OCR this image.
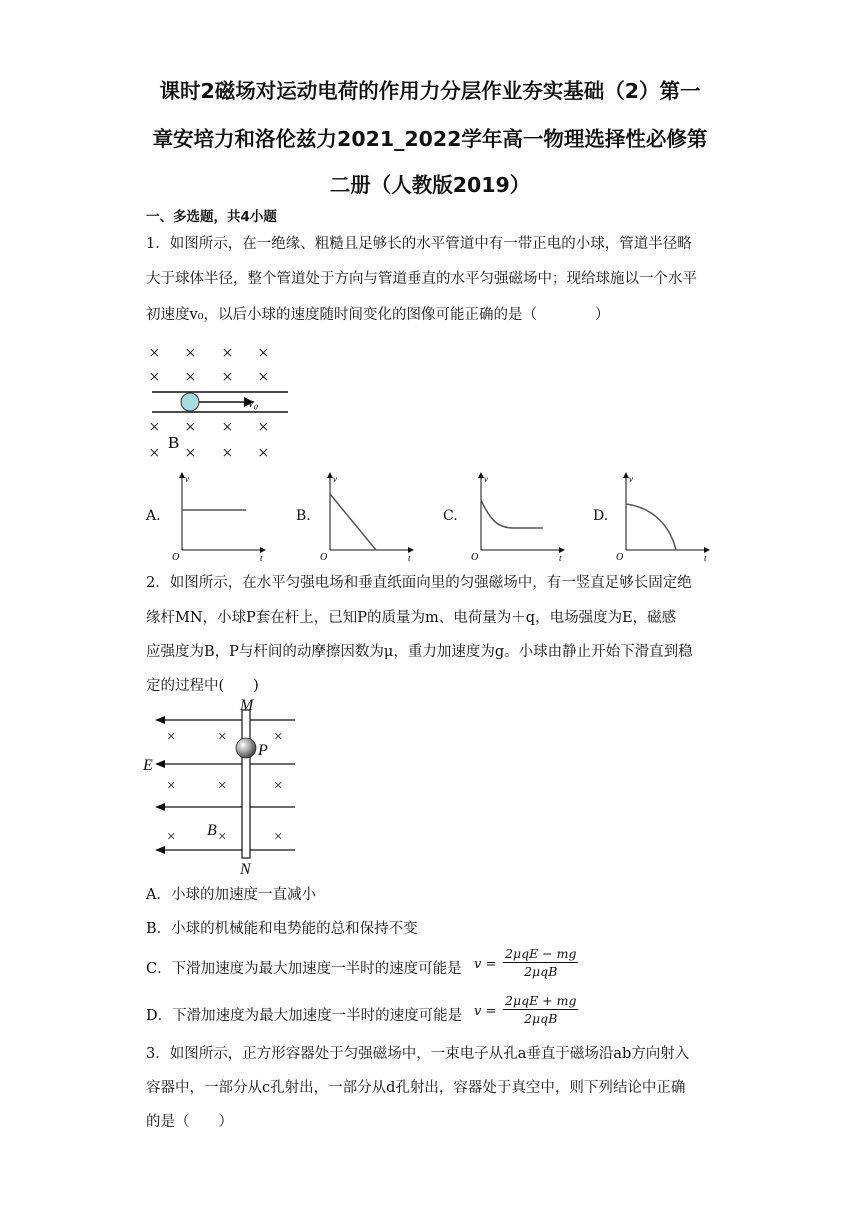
课时2磁场对运动电荷的作用力分层作业夯实基础（2）第一
章安培力和洛伦兹力2021_2022学年高一物理选择性必修第
二册（人教版2019）
一、多选题，共4小题
1．如图所示，在一绝缘、粗糙且足够长的水平管道中有一带正电的小球，管道半径略
大于球体半径，整个管道处于方向与管道垂直的水平匀强磁场中；现给球施以一个水平
初速度v₀，以后小球的速度随时间变化的图像可能正确的是（　　　　）
× × × ×
× × × ×
× × × ×
× × × ×
v₀
B
A.
v
t
O
B.
v
t
O
C.
v
t
O
D.
v
t
O
2．如图所示，在水平匀强电场和垂直纸面向里的匀强磁场中，有一竖直足够长固定绝
缘杆MN，小球P套在杆上，已知P的质量为m、电荷量为＋q，电场强度为E，磁感
应强度为B，P与杆间的动摩擦因数为μ，重力加速度为g。小球由静止开始下滑直到稳
定的过程中(　　)
×	×	×
×	×	×
×	×	×
M
N
P
E
B
A．小球的加速度一直减小
B．小球的机械能和电势能的总和保持不变
C．下滑加速度为最大加速度一半时的速度可能是 v =
2μqE − mg
2μqB
D．下滑加速度为最大加速度一半时的速度可能是 v =
2μqE + mg
2μqB
3．如图所示，正方形容器处于匀强磁场中，一束电子从孔a垂直于磁场沿ab方向射入
容器中，一部分从c孔射出，一部分从d孔射出，容器处于真空中，则下列结论中正确
的是（　　）
